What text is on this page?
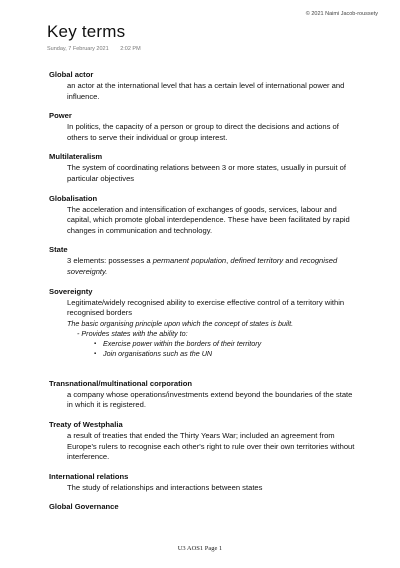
© 2021 Naimi Jacob-roussety
Key terms
Sunday, 7 February 2021 2:02 PM
Global actor
an actor at the international level that has a certain level of international power and influence.
Power
In politics, the capacity of a person or group to direct the decisions and actions of others to serve their individual or group interest.
Multilateralism
The system of coordinating relations between 3 or more states, usually in pursuit of particular objectives
Globalisation
The acceleration and intensification of exchanges of goods, services, labour and capital, which promote global interdependence. These have been facilitated by rapid changes in communication and technology.
State
3 elements: possesses a permanent population, defined territory and recognised sovereignty.
Sovereignty
Legitimate/widely recognised ability to exercise effective control of a territory within recognised borders
The basic organising principle upon which the concept of states is built.
- Provides states with the ability to:
▪ Exercise power within the borders of their territory
▪ Join organisations such as the UN
Transnational/multinational corporation
a company whose operations/investments extend beyond the boundaries of the state in which it is registered.
Treaty of Westphalia
a result of treaties that ended the Thirty Years War; included an agreement from Europe's rulers to recognise each other's right to rule over their own territories without interference.
International relations
The study of relationships and interactions between states
Global Governance
U3 AOS1 Page 1
